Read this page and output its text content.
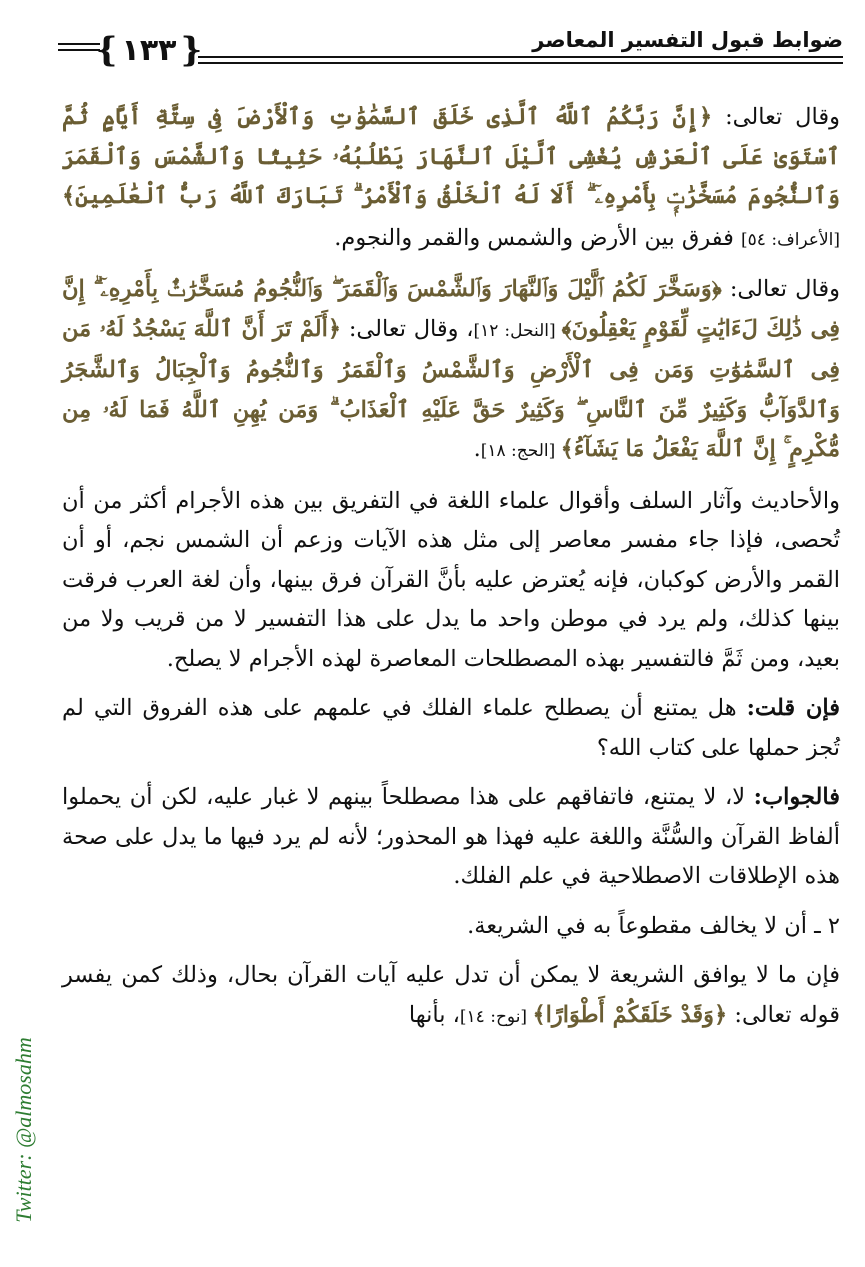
{ ١٣٣ }	ضوابط قبول التفسير المعاصر

وقال تعالى: ﴿إِنَّ رَبَّكُمُ ٱللَّهُ ٱلَّذِى خَلَقَ ٱلسَّمَٰوَٰتِ وَٱلْأَرْضَ فِى سِتَّةِ أَيَّامٍ ثُمَّ ٱسْتَوَىٰ عَلَى ٱلْعَرْشِ يُغْشِى ٱلَّيْلَ ٱلنَّهَارَ يَطْلُبُهُۥ حَثِيثًا وَٱلشَّمْسَ وَٱلْقَمَرَ وَٱلنُّجُومَ مُسَخَّرَٰتٍۭ بِأَمْرِهِۦٓ ۗ أَلَا لَهُ ٱلْخَلْقُ وَٱلْأَمْرُ ۗ تَبَارَكَ ٱللَّهُ رَبُّ ٱلْعَٰلَمِينَ﴾ [الأعراف: ٥٤] ففرق بين الأرض والشمس والقمر والنجوم.

وقال تعالى: ﴿وَسَخَّرَ لَكُمُ ٱلَّيْلَ وَٱلنَّهَارَ وَٱلشَّمْسَ وَٱلْقَمَرَ ۖ وَٱلنُّجُومُ مُسَخَّرَٰتٌۢ بِأَمْرِهِۦٓ ۗ إِنَّ فِى ذَٰلِكَ لَءَايَٰتٍ لِّقَوْمٍ يَعْقِلُونَ﴾ [النحل: ١٢]، وقال تعالى: ﴿أَلَمْ تَرَ أَنَّ ٱللَّهَ يَسْجُدُ لَهُۥ مَن فِى ٱلسَّمَٰوَٰتِ وَمَن فِى ٱلْأَرْضِ وَٱلشَّمْسُ وَٱلْقَمَرُ وَٱلنُّجُومُ وَٱلْجِبَالُ وَٱلشَّجَرُ وَٱلدَّوَآبُّ وَكَثِيرٌ مِّنَ ٱلنَّاسِ ۖ وَكَثِيرٌ حَقَّ عَلَيْهِ ٱلْعَذَابُ ۗ وَمَن يُهِنِ ٱللَّهُ فَمَا لَهُۥ مِن مُّكْرِمٍ ۚ إِنَّ ٱللَّهَ يَفْعَلُ مَا يَشَآءُ﴾ [الحج: ١٨].

والأحاديث وآثار السلف وأقوال علماء اللغة في التفريق بين هذه الأجرام أكثر من أن تُحصى، فإذا جاء مفسر معاصر إلى مثل هذه الآيات وزعم أن الشمس نجم، أو أن القمر والأرض كوكبان، فإنه يُعترض عليه بأنَّ القرآن فرق بينها، وأن لغة العرب فرقت بينها كذلك، ولم يرد في موطن واحد ما يدل على هذا التفسير لا من قريب ولا من بعيد، ومن ثَمَّ فالتفسير بهذه المصطلحات المعاصرة لهذه الأجرام لا يصلح.

فإن قلت: هل يمتنع أن يصطلح علماء الفلك في علمهم على هذه الفروق التي لم تُجز حملها على كتاب الله؟

فالجواب: لا، لا يمتنع، فاتفاقهم على هذا مصطلحاً بينهم لا غبار عليه، لكن أن يحملوا ألفاظ القرآن والسُّنَّة واللغة عليه فهذا هو المحذور؛ لأنه لم يرد فيها ما يدل على صحة هذه الإطلاقات الاصطلاحية في علم الفلك.

٢ ـ أن لا يخالف مقطوعاً به في الشريعة.

فإن ما لا يوافق الشريعة لا يمكن أن تدل عليه آيات القرآن بحال، وذلك كمن يفسر قوله تعالى: ﴿وَقَدْ خَلَقَكُمْ أَطْوَارًا﴾ [نوح: ١٤]، بأنها

Twitter: @almosahm
